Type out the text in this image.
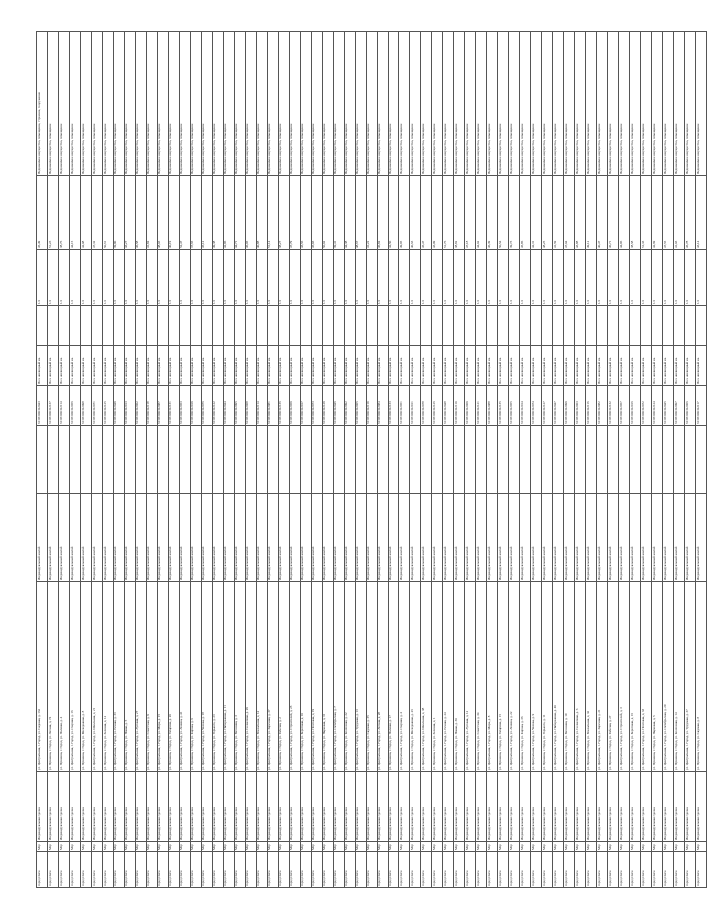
город Омск	Мэр	Индивидуальная сделка	ул. Центральная, г. Город, ул. Садовая, д. 132	Индивидуальный жилой		61:05:000:0:2043	Пол. жилищный кв.		1/2	45,49	Недвижимое имущество, помещение, строение, сооружение
город Омск	Мэр	Индивидуальная сделка	ул. Пушкина, г. Город, ул. Лесная, д. 74	Индивидуальный жилой		61:05:000:0:2137	Пол. жилищный кв.		1/2	51,23	Недвижимое имущество, помещение
город Омск	Мэр	Индивидуальная сделка	ул. Пушкина, г. Город, ул. Полевая, д. 4	Индивидуальный жилой		61:05:000:0:2114	Пол. жилищный кв.		1/2	38,76	Недвижимое имущество, помещение
город Омск	Мэр	Индивидуальная сделка	ул. Центральная, г. Город, ул. Озерная, д. 16	Индивидуальный жилой		61:05:000:0:2056	Пол. жилищный кв.		1/2	44,15	Недвижимое имущество, помещение
город Омск	Мэр	Индивидуальная сделка	ул. Пушкина, г. Город, ул. Молодежная, д. 8	Индивидуальный жилой		61:05:000:0:2098	Пол. жилищный кв.		1/2	42,08	Недвижимое имущество, помещение
город Омск	Мэр	Индивидуальная сделка	ул. Центральная, г. Город, ул. Школьная, д. 21	Индивидуальный жилой		61:05:000:0:2071	Пол. жилищный кв.		1/2	47,32	Недвижимое имущество, помещение
город Омск	Мэр	Индивидуальная сделка	ул. Пушкина, г. Город, ул. Зеленая, д. 12	Индивидуальный жилой		61:05:000:0:2125	Пол. жилищный кв.		1/2	50,61	Недвижимое имущество, помещение
город Омск	Мэр	Индивидуальная сделка	ул. Центральная, г. Город, ул. Речная, д. 33	Индивидуальный жилой		61:05:000:0:2049	Пол. жилищный кв.		1/2	39,90	Недвижимое имущество, помещение
город Омск	Мэр	Индивидуальная сделка	ул. Пушкина, г. Город, ул. Новая, д. 5	Индивидуальный жилой		61:05:000:0:2103	Пол. жилищный кв.		1/2	43,27	Недвижимое имущество, помещение
город Омск	Мэр	Индивидуальная сделка	ул. Центральная, г. Город, ул. Луговая, д. 27	Индивидуальный жилой		61:05:000:0:2062	Пол. жилищный кв.		1/2	46,58	Недвижимое имущество, помещение
город Омск	Мэр	Индивидуальная сделка	ул. Пушкина, г. Город, ул. Советская, д. 9	Индивидуальный жилой		61:05:000:0:2118	Пол. жилищный кв.		1/2	41,84	Недвижимое имущество, помещение
город Омск	Мэр	Индивидуальная сделка	ул. Центральная, г. Город, ул. Мира, д. 15	Индивидуальный жилой		61:05:000:0:2087	Пол. жилищный кв.		1/2	48,03	Недвижимое имущество, помещение
город Омск	Мэр	Индивидуальная сделка	ул. Пушкина, г. Город, ул. Гагарина, д. 20	Индивидуальный жилой		61:05:000:0:2131	Пол. жилищный кв.		1/2	40,19	Недвижимое имущество, помещение
город Омск	Мэр	Индивидуальная сделка	ул. Центральная, г. Город, ул. Ленина, д. 41	Индивидуальный жилой		61:05:000:0:2053	Пол. жилищный кв.		1/2	52,47	Недвижимое имущество, помещение
город Омск	Мэр	Индивидуальная сделка	ул. Пушкина, г. Город, ул. Кирова, д. 6	Индивидуальный жилой		61:05:000:0:2109	Пол. жилищный кв.		1/2	37,65	Недвижимое имущество, помещение
город Омск	Мэр	Индивидуальная сделка	ул. Центральная, г. Город, ул. Чехова, д. 18	Индивидуальный жилой		61:05:000:0:2076	Пол. жилищный кв.		1/2	45,12	Недвижимое имущество, помещение
город Омск	Мэр	Индивидуальная сделка	ул. Пушкина, г. Город, ул. Горького, д. 23	Индивидуальный жилой		61:05:000:0:2122	Пол. жилищный кв.		1/2	49,38	Недвижимое имущество, помещение
город Омск	Мэр	Индивидуальная сделка	ул. Центральная, г. Город, ул. Набережная, д. 11	Индивидуальный жилой		61:05:000:0:2044	Пол. жилищный кв.		1/2	42,96	Недвижимое имущество, помещение
город Омск	Мэр	Индивидуальная сделка	ул. Пушкина, г. Город, ул. Весенняя, д. 3	Индивидуальный жилой		61:05:000:0:2095	Пол. жилищный кв.		1/2	44,71	Недвижимое имущество, помещение
город Омск	Мэр	Индивидуальная сделка	ул. Центральная, г. Город, ул. Солнечная, д. 29	Индивидуальный жилой		61:05:000:0:2068	Пол. жилищный кв.		1/2	46,05	Недвижимое имущество, помещение
город Омск	Мэр	Индивидуальная сделка	ул. Пушкина, г. Город, ул. Вокзальная, д. 14	Индивидуальный жилой		61:05:000:0:2114	Пол. жилищный кв.		1/2	40,88	Недвижимое имущество, помещение
город Омск	Мэр	Индивидуальная сделка	ул. Центральная, г. Город, ул. Заречная, д. 37	Индивидуальный жилой		61:05:000:0:2081	Пол. жилищный кв.		1/2	51,14	Недвижимое имущество, помещение
город Омск	Мэр	Индивидуальная сделка	ул. Пушкина, г. Город, ул. Рабочая, д. 2	Индивидуальный жилой		61:05:000:0:2136	Пол. жилищный кв.		1/2	38,27	Недвижимое имущество, помещение
город Омск	Мэр	Индивидуальная сделка	ул. Центральная, г. Город, ул. Строителей, д. 25	Индивидуальный жилой		61:05:000:0:2059	Пол. жилищный кв.		1/2	47,79	Недвижимое имущество, помещение
город Омск	Мэр	Индивидуальная сделка	ул. Пушкина, г. Город, ул. Береговая, д. 10	Индивидуальный жилой		61:05:000:0:2107	Пол. жилищный кв.		1/2	43,56	Недвижимое имущество, помещение
город Омск	Мэр	Индивидуальная сделка	ул. Центральная, г. Город, ул. Почтовая, д. 19	Индивидуальный жилой		61:05:000:0:2073	Пол. жилищный кв.		1/2	45,93	Недвижимое имущество, помещение
город Омск	Мэр	Индивидуальная сделка	ул. Пушкина, г. Город, ул. Парковая, д. 31	Индивидуальный жилой		61:05:000:0:2129	Пол. жилищный кв.		1/2	50,02	Недвижимое имущество, помещение
город Омск	Мэр	Индивидуальная сделка	ул. Центральная, г. Город, ул. Октябрьская, д. 7	Индивидуальный жилой		61:05:000:0:2046	Пол. жилищный кв.		1/2	39,41	Недвижимое имущество, помещение
город Омск	Мэр	Индивидуальная сделка	ул. Пушкина, г. Город, ул. Колхозная, д. 22	Индивидуальный жилой		61:05:000:0:2092	Пол. жилищный кв.		1/2	44,38	Недвижимое имущество, помещение
город Омск	Мэр	Индивидуальная сделка	ул. Центральная, г. Город, ул. Трудовая, д. 13	Индивидуальный жилой		61:05:000:0:2065	Пол. жилищный кв.		1/2	48,67	Недвижимое имущество, помещение
город Омск	Мэр	Индивидуальная сделка	ул. Пушкина, г. Город, ул. Садовая, д. 35	Индивидуальный жилой		61:05:000:0:2119	Пол. жилищный кв.		1/2	41,22	Недвижимое имущество, помещение
город Омск	Мэр	Индивидуальная сделка	ул. Центральная, г. Город, ул. Лесная, д. 28	Индивидуальный жилой		61:05:000:0:2084	Пол. жилищный кв.		1/2	46,84	Недвижимое имущество, помещение
город Омск	Мэр	Индивидуальная сделка	ул. Пушкина, г. Город, ул. Полевая, д. 17	Индивидуальный жилой		61:05:000:0:2133	Пол. жилищный кв.		1/2	42,50	Недвижимое имущество, помещение
город Омск	Мэр	Индивидуальная сделка	ул. Центральная, г. Город, ул. Озерная, д. 4	Индивидуальный жилой		61:05:000:0:2051	Пол. жилищный кв.		1/2	49,95	Недвижимое имущество, помещение
город Омск	Мэр	Индивидуальная сделка	ул. Пушкина, г. Город, ул. Молодежная, д. 26	Индивидуальный жилой		61:05:000:0:2101	Пол. жилищный кв.		1/2	40,63	Недвижимое имущество, помещение
город Омск	Мэр	Индивидуальная сделка	ул. Центральная, г. Город, ул. Школьная, д. 38	Индивидуальный жилой		61:05:000:0:2078	Пол. жилищный кв.		1/2	45,47	Недвижимое имущество, помещение
город Омск	Мэр	Индивидуальная сделка	ул. Пушкина, г. Город, ул. Зеленая, д. 1	Индивидуальный жилой		61:05:000:0:2126	Пол. жилищный кв.		1/2	43,09	Недвижимое имущество, помещение
город Омск	Мэр	Индивидуальная сделка	ул. Центральная, г. Город, ул. Речная, д. 24	Индивидуальный жилой		61:05:000:0:2048	Пол. жилищный кв.		1/2	51,76	Недвижимое имущество, помещение
город Омск	Мэр	Индивидуальная сделка	ул. Пушкина, г. Город, ул. Новая, д. 30	Индивидуальный жилой		61:05:000:0:2110	Пол. жилищный кв.		1/2	38,82	Недвижимое имущество, помещение
город Омск	Мэр	Индивидуальная сделка	ул. Центральная, г. Город, ул. Луговая, д. 12	Индивидуальный жилой		61:05:000:0:2069	Пол. жилищный кв.		1/2	47,18	Недвижимое имущество, помещение
город Омск	Мэр	Индивидуальная сделка	ул. Пушкина, г. Город, ул. Советская, д. 34	Индивидуальный жилой		61:05:000:0:2121	Пол. жилищный кв.		1/2	44,02	Недвижимое имущество, помещение
город Омск	Мэр	Индивидуальная сделка	ул. Центральная, г. Город, ул. Мира, д. 8	Индивидуальный жилой		61:05:000:0:2088	Пол. жилищный кв.		1/2	46,39	Недвижимое имущество, помещение
город Омск	Мэр	Индивидуальная сделка	ул. Пушкина, г. Город, ул. Гагарина, д. 15	Индивидуальный жилой		61:05:000:0:2135	Пол. жилищный кв.		1/2	50,54	Недвижимое имущество, помещение
город Омск	Мэр	Индивидуальная сделка	ул. Центральная, г. Город, ул. Ленина, д. 22	Индивидуальный жилой		61:05:000:0:2055	Пол. жилищный кв.		1/2	39,73	Недвижимое имущество, помещение
город Омск	Мэр	Индивидуальная сделка	ул. Пушкина, г. Город, ул. Кирова, д. 36	Индивидуальный жилой		61:05:000:0:2104	Пол. жилищный кв.		1/2	45,86	Недвижимое имущество, помещение
город Омск	Мэр	Индивидуальная сделка	ул. Центральная, г. Город, ул. Чехова, д. 9	Индивидуальный жилой		61:05:000:0:2074	Пол. жилищный кв.		1/2	42,31	Недвижимое имущество, помещение
город Омск	Мэр	Индивидуальная сделка	ул. Пушкина, г. Город, ул. Горького, д. 11	Индивидуальный жилой		61:05:000:0:2127	Пол. жилищный кв.		1/2	48,25	Недвижимое имущество, помещение
город Омск	Мэр	Индивидуальная сделка	ул. Центральная, г. Город, ул. Набережная, д. 40	Индивидуальный жилой		61:05:000:0:2047	Пол. жилищный кв.		1/2	41,59	Недвижимое имущество, помещение
город Омск	Мэр	Индивидуальная сделка	ул. Пушкина, г. Город, ул. Весенняя, д. 19	Индивидуальный жилой		61:05:000:0:2099	Пол. жилищный кв.		1/2	47,04	Недвижимое имущество, помещение
город Омск	Мэр	Индивидуальная сделка	ул. Центральная, г. Город, ул. Солнечная, д. 6	Индивидуальный жилой		61:05:000:0:2063	Пол. жилищный кв.		1/2	43,88	Недвижимое имущество, помещение
город Омск	Мэр	Индивидуальная сделка	ул. Пушкина, г. Город, ул. Вокзальная, д. 32	Индивидуальный жилой		61:05:000:0:2116	Пол. жилищный кв.		1/2	49,12	Недвижимое имущество, помещение
город Омск	Мэр	Индивидуальная сделка	ул. Центральная, г. Город, ул. Заречная, д. 21	Индивидуальный жилой		61:05:000:0:2082	Пол. жилищный кв.		1/2	40,47	Недвижимое имущество, помещение
город Омск	Мэр	Индивидуальная сделка	ул. Пушкина, г. Город, ул. Рабочая, д. 27	Индивидуальный жилой		61:05:000:0:2132	Пол. жилищный кв.		1/2	46,71	Недвижимое имущество, помещение
город Омск	Мэр	Индивидуальная сделка	ул. Центральная, г. Город, ул. Строителей, д. 3	Индивидуальный жилой		61:05:000:0:2057	Пол. жилищный кв.		1/2	44,96	Недвижимое имущество, помещение
город Омск	Мэр	Индивидуальная сделка	ул. Пушкина, г. Город, ул. Береговая, д. 16	Индивидуальный жилой		61:05:000:0:2106	Пол. жилищный кв.		1/2	38,58	Недвижимое имущество, помещение
город Омск	Мэр	Индивидуальная сделка	ул. Центральная, г. Город, ул. Почтовая, д. 33	Индивидуальный жилой		61:05:000:0:2072	Пол. жилищный кв.		1/2	51,33	Недвижимое имущество, помещение
город Омск	Мэр	Индивидуальная сделка	ул. Пушкина, г. Город, ул. Парковая, д. 5	Индивидуальный жилой		61:05:000:0:2124	Пол. жилищный кв.		1/2	42,69	Недвижимое имущество, помещение
город Омск	Мэр	Индивидуальная сделка	ул. Центральная, г. Город, ул. Октябрьская, д. 29	Индивидуальный жилой		61:05:000:0:2045	Пол. жилищный кв.		1/2	47,55	Недвижимое имущество, помещение
город Омск	Мэр	Индивидуальная сделка	ул. Пушкина, г. Город, ул. Колхозная, д. 14	Индивидуальный жилой		61:05:000:0:2097	Пол. жилищный кв.		1/2	41,03	Недвижимое имущество, помещение
город Омск	Мэр	Индивидуальная сделка	ул. Центральная, г. Город, ул. Трудовая, д. 37	Индивидуальный жилой		61:05:000:0:2066	Пол. жилищный кв.		1/2	45,78	Недвижимое имущество, помещение
город Омск	Мэр	Индивидуальная сделка	ул. Пушкина, г. Город, ул. Садовая, д. 8	Индивидуальный жилой		61:05:000:0:2117	Пол. жилищный кв.		1/2	43,14	Недвижимое имущество, помещение
